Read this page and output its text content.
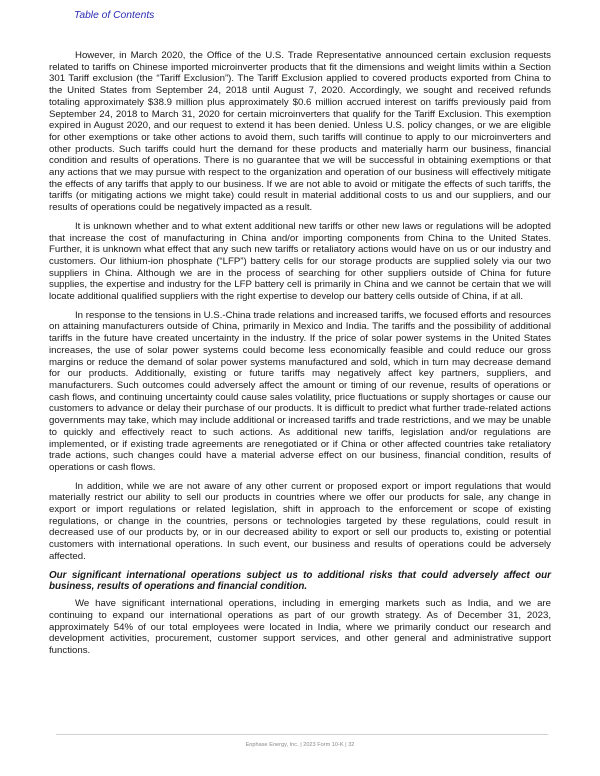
Table of Contents

However, in March 2020, the Office of the U.S. Trade Representative announced certain exclusion requests related to tariffs on Chinese imported microinverter products that fit the dimensions and weight limits within a Section 301 Tariff exclusion (the “Tariff Exclusion”). The Tariff Exclusion applied to covered products exported from China to the United States from September 24, 2018 until August 7, 2020. Accordingly, we sought and received refunds totaling approximately $38.9 million plus approximately $0.6 million accrued interest on tariffs previously paid from September 24, 2018 to March 31, 2020 for certain microinverters that qualify for the Tariff Exclusion. This exemption expired in August 2020, and our request to extend it has been denied. Unless U.S. policy changes, or we are eligible for other exemptions or take other actions to avoid them, such tariffs will continue to apply to our microinverters and other products. Such tariffs could hurt the demand for these products and materially harm our business, financial condition and results of operations. There is no guarantee that we will be successful in obtaining exemptions or that any actions that we may pursue with respect to the organization and operation of our business will effectively mitigate the effects of any tariffs that apply to our business. If we are not able to avoid or mitigate the effects of such tariffs, the tariffs (or mitigating actions we might take) could result in material additional costs to us and our suppliers, and our results of operations could be negatively impacted as a result.

It is unknown whether and to what extent additional new tariffs or other new laws or regulations will be adopted that increase the cost of manufacturing in China and/or importing components from China to the United States. Further, it is unknown what effect that any such new tariffs or retaliatory actions would have on us or our industry and customers. Our lithium-ion phosphate (“LFP”) battery cells for our storage products are supplied solely via our two suppliers in China. Although we are in the process of searching for other suppliers outside of China for future supplies, the expertise and industry for the LFP battery cell is primarily in China and we cannot be certain that we will locate additional qualified suppliers with the right expertise to develop our battery cells outside of China, if at all.

In response to the tensions in U.S.-China trade relations and increased tariffs, we focused efforts and resources on attaining manufacturers outside of China, primarily in Mexico and India. The tariffs and the possibility of additional tariffs in the future have created uncertainty in the industry. If the price of solar power systems in the United States increases, the use of solar power systems could become less economically feasible and could reduce our gross margins or reduce the demand of solar power systems manufactured and sold, which in turn may decrease demand for our products. Additionally, existing or future tariffs may negatively affect key partners, suppliers, and manufacturers. Such outcomes could adversely affect the amount or timing of our revenue, results of operations or cash flows, and continuing uncertainty could cause sales volatility, price fluctuations or supply shortages or cause our customers to advance or delay their purchase of our products. It is difficult to predict what further trade-related actions governments may take, which may include additional or increased tariffs and trade restrictions, and we may be unable to quickly and effectively react to such actions. As additional new tariffs, legislation and/or regulations are implemented, or if existing trade agreements are renegotiated or if China or other affected countries take retaliatory trade actions, such changes could have a material adverse effect on our business, financial condition, results of operations or cash flows.

In addition, while we are not aware of any other current or proposed export or import regulations that would materially restrict our ability to sell our products in countries where we offer our products for sale, any change in export or import regulations or related legislation, shift in approach to the enforcement or scope of existing regulations, or change in the countries, persons or technologies targeted by these regulations, could result in decreased use of our products by, or in our decreased ability to export or sell our products to, existing or potential customers with international operations. In such event, our business and results of operations could be adversely affected.

Our significant international operations subject us to additional risks that could adversely affect our business, results of operations and financial condition.

We have significant international operations, including in emerging markets such as India, and we are continuing to expand our international operations as part of our growth strategy. As of December 31, 2023, approximately 54% of our total employees were located in India, where we primarily conduct our research and development activities, procurement, customer support services, and other general and administrative support functions.

Enphase Energy, Inc. | 2023 Form 10-K | 32
